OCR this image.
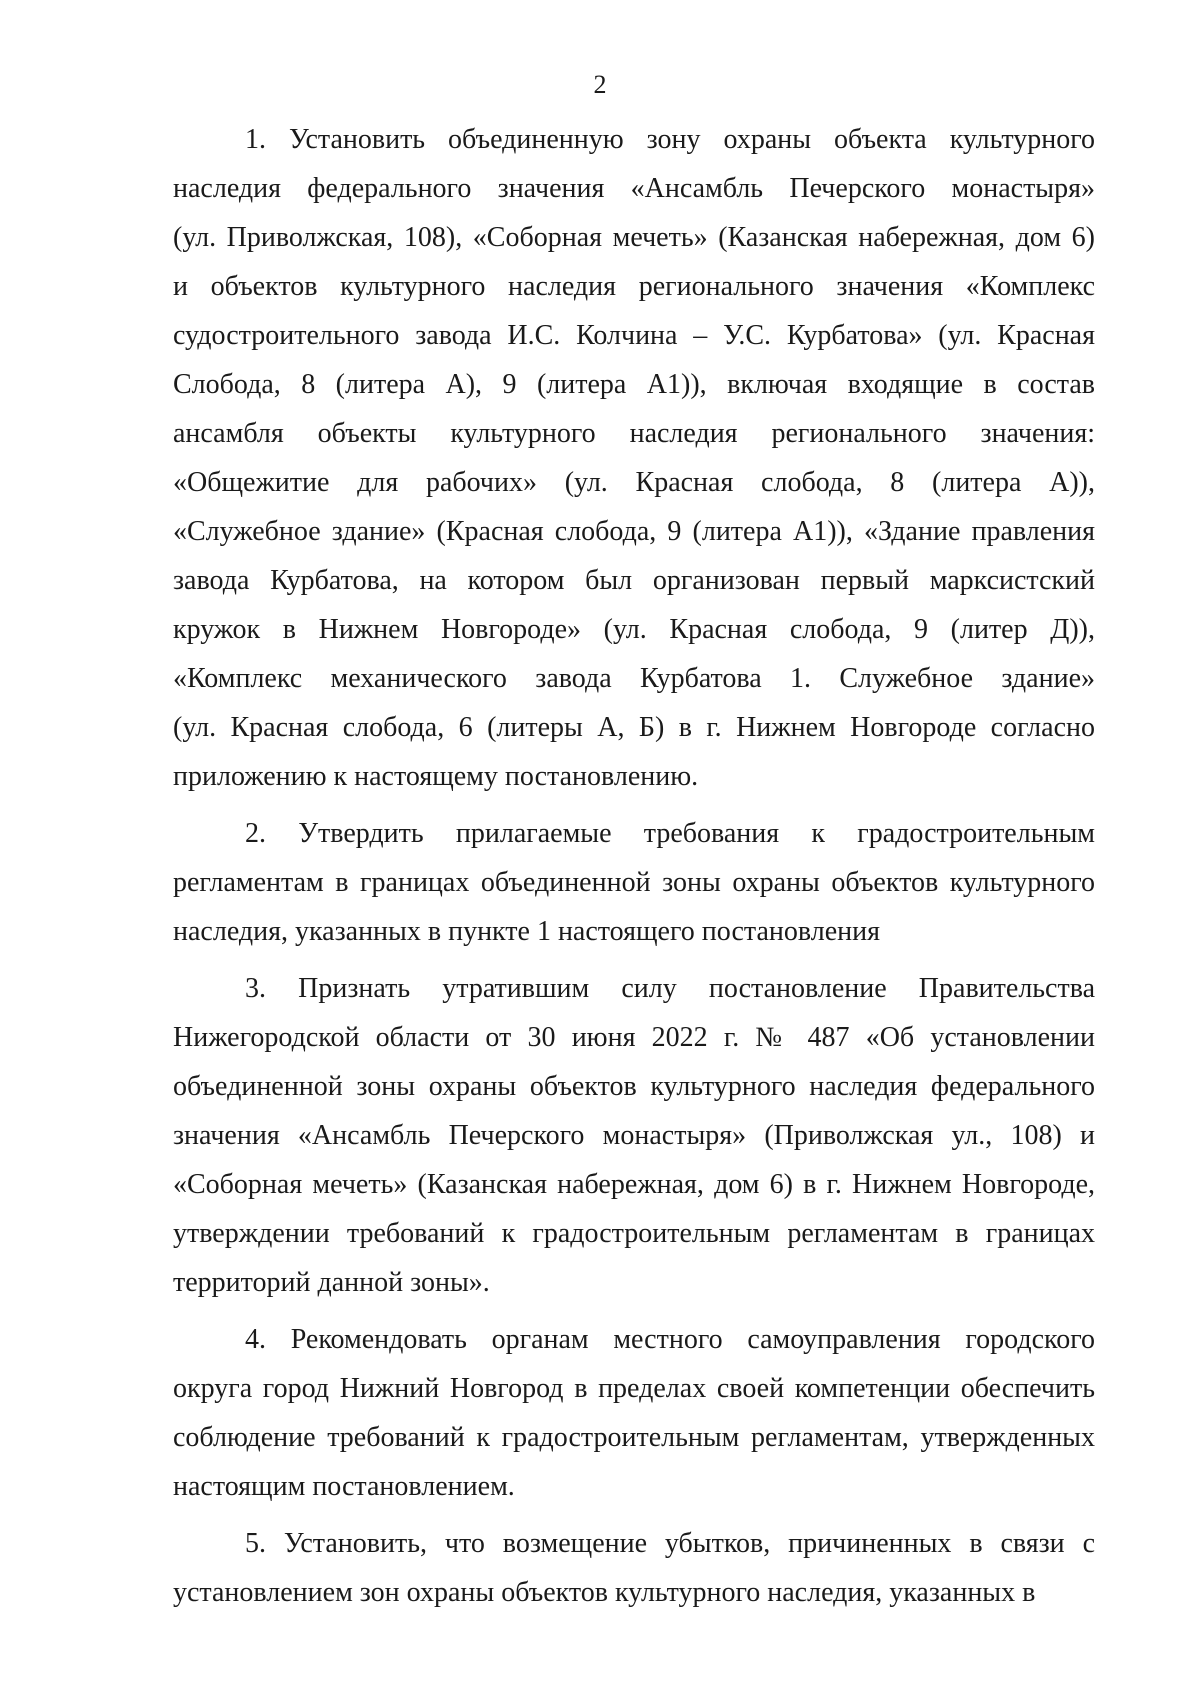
2
1. Установить объединенную зону охраны объекта культурного
наследия федерального значения «Ансамбль Печерского монастыря»
(ул. Приволжская, 108), «Соборная мечеть» (Казанская набережная, дом 6)
и объектов культурного наследия регионального значения «Комплекс
судостроительного завода И.С. Колчина – У.С. Курбатова» (ул. Красная
Слобода, 8 (литера А), 9 (литера А1)), включая входящие в состав
ансамбля объекты культурного наследия регионального значения:
«Общежитие для рабочих» (ул. Красная слобода, 8 (литера А)),
«Служебное здание» (Красная слобода, 9 (литера А1)), «Здание правления
завода Курбатова, на котором был организован первый марксистский
кружок в Нижнем Новгороде» (ул. Красная слобода, 9 (литер Д)),
«Комплекс механического завода Курбатова 1. Служебное здание»
(ул. Красная слобода, 6 (литеры А, Б) в г. Нижнем Новгороде согласно
приложению к настоящему постановлению.
2. Утвердить прилагаемые требования к градостроительным
регламентам в границах объединенной зоны охраны объектов культурного
наследия, указанных в пункте 1 настоящего постановления
3. Признать утратившим силу постановление Правительства
Нижегородской области от 30 июня 2022 г. № 487 «Об установлении
объединенной зоны охраны объектов культурного наследия федерального
значения «Ансамбль Печерского монастыря» (Приволжская ул., 108) и
«Соборная мечеть» (Казанская набережная, дом 6) в г. Нижнем Новгороде,
утверждении требований к градостроительным регламентам в границах
территорий данной зоны».
4. Рекомендовать органам местного самоуправления городского
округа город Нижний Новгород в пределах своей компетенции обеспечить
соблюдение требований к градостроительным регламентам, утвержденных
настоящим постановлением.
5. Установить, что возмещение убытков, причиненных в связи с
установлением зон охраны объектов культурного наследия, указанных в
